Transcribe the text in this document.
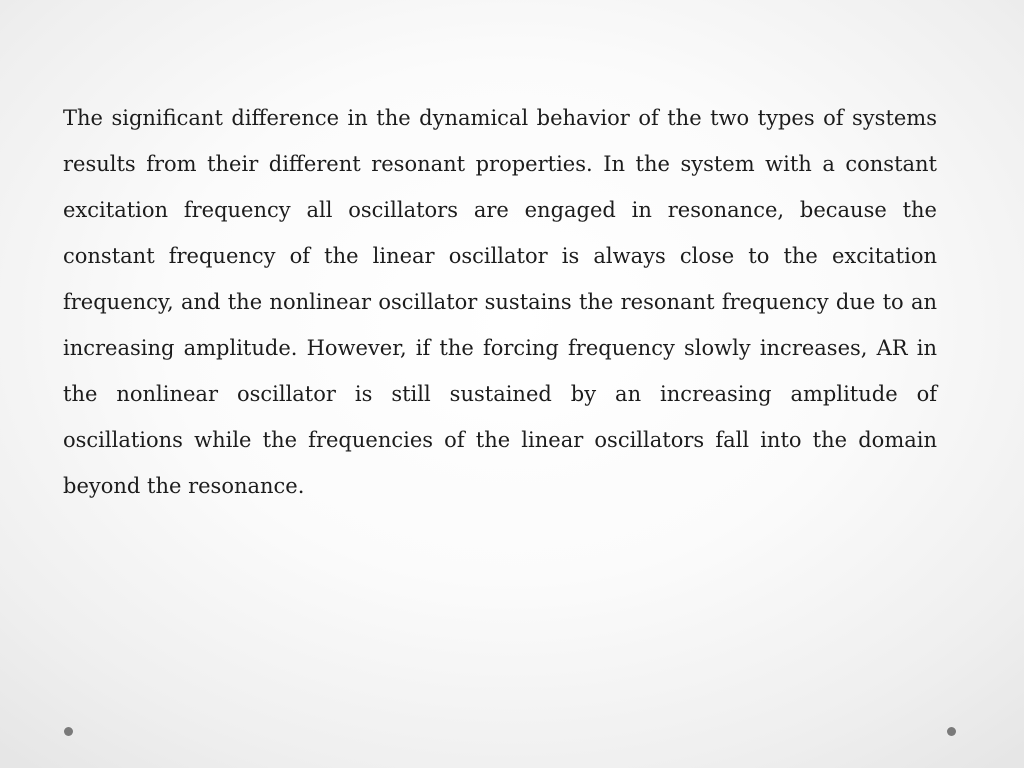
The significant difference in the dynamical behavior of the two types of systems results from their different resonant properties. In the system with a constant excitation frequency all oscillators are engaged in resonance, because the constant frequency of the linear oscillator is always close to the excitation frequency, and the nonlinear oscillator sustains the resonant frequency due to an increasing amplitude. However, if the forcing frequency slowly increases, AR in the nonlinear oscillator is still sustained by an increasing amplitude of oscillations while the frequencies of the linear oscillators fall into the domain beyond the resonance.
